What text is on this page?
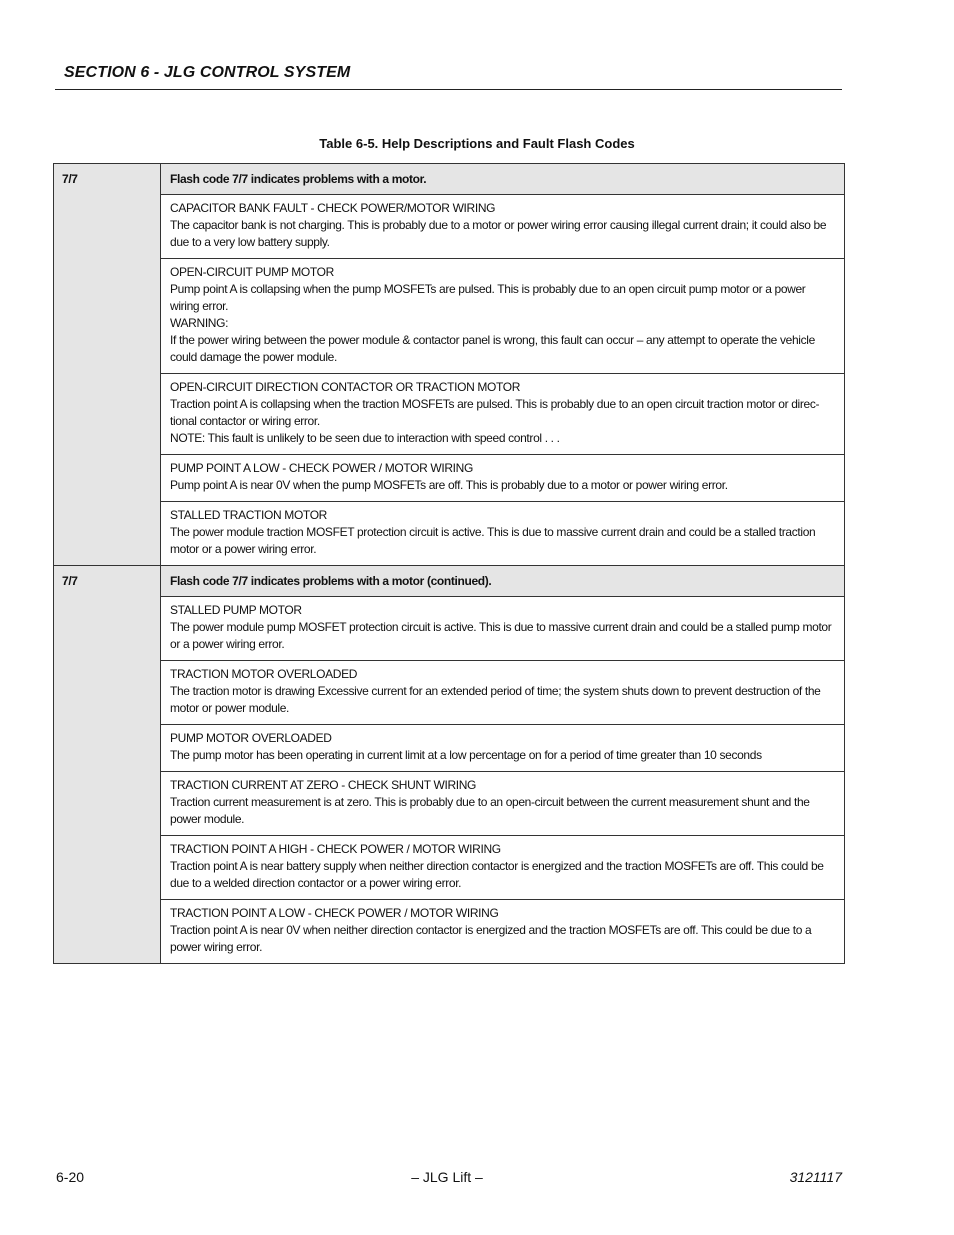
SECTION 6 - JLG CONTROL SYSTEM
Table 6-5. Help Descriptions and Fault Flash Codes
7/7	Flash code 7/7 indicates problems with a motor.

	CAPACITOR BANK FAULT - CHECK POWER/MOTOR WIRING
The capacitor bank is not charging. This is probably due to a motor or power wiring error causing illegal current drain; it could also be due to a very low battery supply.

	OPEN-CIRCUIT PUMP MOTOR
Pump point A is collapsing when the pump MOSFETs are pulsed. This is probably due to an open circuit pump motor or a power wiring error.
WARNING:
If the power wiring between the power module & contactor panel is wrong, this fault can occur – any attempt to operate the vehicle could damage the power module.

	OPEN-CIRCUIT DIRECTION CONTACTOR OR TRACTION MOTOR
Traction point A is collapsing when the traction MOSFETs are pulsed. This is probably due to an open circuit traction motor or direc-tional contactor or wiring error.
NOTE: This fault is unlikely to be seen due to interaction with speed control . . .

	PUMP POINT A LOW - CHECK POWER / MOTOR WIRING
Pump point A is near 0V when the pump MOSFETs are off. This is probably due to a motor or power wiring error.

	STALLED TRACTION MOTOR
The power module traction MOSFET protection circuit is active. This is due to massive current drain and could be a stalled traction motor or a power wiring error.

7/7	Flash code 7/7 indicates problems with a motor (continued).

	STALLED PUMP MOTOR
The power module pump MOSFET protection circuit is active. This is due to massive current drain and could be a stalled pump motor or a power wiring error.

	TRACTION MOTOR OVERLOADED
The traction motor is drawing Excessive current for an extended period of time; the system shuts down to prevent destruction of the motor or power module.

	PUMP MOTOR OVERLOADED
The pump motor has been operating in current limit at a low percentage on for a period of time greater than 10 seconds

	TRACTION CURRENT AT ZERO - CHECK SHUNT WIRING
Traction current measurement is at zero. This is probably due to an open-circuit between the current measurement shunt and the power module.

	TRACTION POINT A HIGH - CHECK POWER / MOTOR WIRING
Traction point A is near battery supply when neither direction contactor is energized and the traction MOSFETs are off. This could be due to a welded direction contactor or a power wiring error.

	TRACTION POINT A LOW - CHECK POWER / MOTOR WIRING
Traction point A is near 0V when neither direction contactor is energized and the traction MOSFETs are off. This could be due to a power wiring error.
6-20	– JLG Lift –	3121117
